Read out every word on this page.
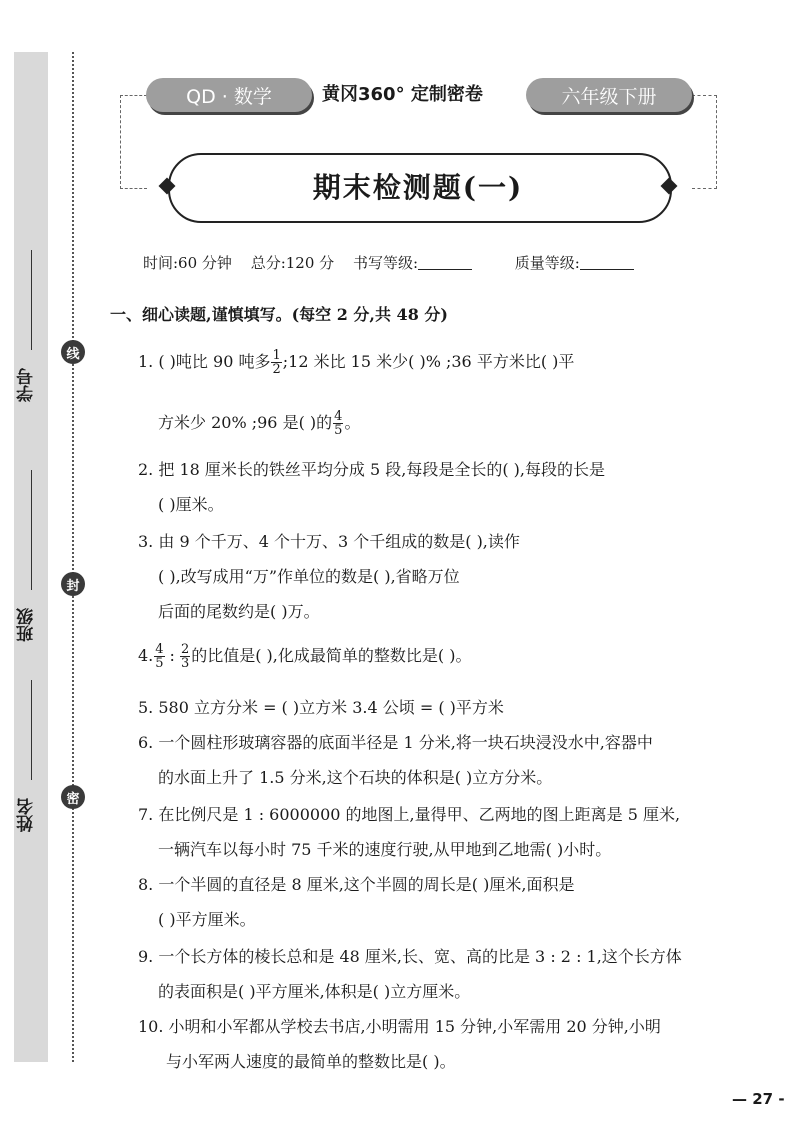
学号
班级
姓名
线
封
密
QD · 数学	黄冈360° 定制密卷	六年级下册
期末检测题(一)
时间:60 分钟 总分:120 分 书写等级:	质量等级:
一、细心读题,谨慎填写。(每空 2 分,共 48 分)
1. ( )吨比 90 吨多 $\frac{1}{2}$ ;12 米比 15 米少( )% ;36 平方米比( )平
方米少 20% ;96 是( )的 $\frac{4}{5}$ 。
2. 把 18 厘米长的铁丝平均分成 5 段,每段是全长的( ),每段的长是
( )厘米。
3. 由 9 个千万、4 个十万、3 个千组成的数是( ),读作
( ),改写成用“万”作单位的数是( ),省略万位
后面的尾数约是( )万。
4. $\frac{4}{5}$ : $\frac{2}{3}$ 的比值是( ),化成最简单的整数比是( )。
5. 580 立方分米 = ( )立方米 3.4 公顷 = ( )平方米
6. 一个圆柱形玻璃容器的底面半径是 1 分米,将一块石块浸没水中,容器中
的水面上升了 1.5 分米,这个石块的体积是( )立方分米。
7. 在比例尺是 1 : 6000000 的地图上,量得甲、乙两地的图上距离是 5 厘米,
一辆汽车以每小时 75 千米的速度行驶,从甲地到乙地需( )小时。
8. 一个半圆的直径是 8 厘米,这个半圆的周长是( )厘米,面积是
( )平方厘米。
9. 一个长方体的棱长总和是 48 厘米,长、宽、高的比是 3 : 2 : 1,这个长方体
的表面积是( )平方厘米,体积是( )立方厘米。
10. 小明和小军都从学校去书店,小明需用 15 分钟,小军需用 20 分钟,小明
与小军两人速度的最简单的整数比是( )。
— 27 -
